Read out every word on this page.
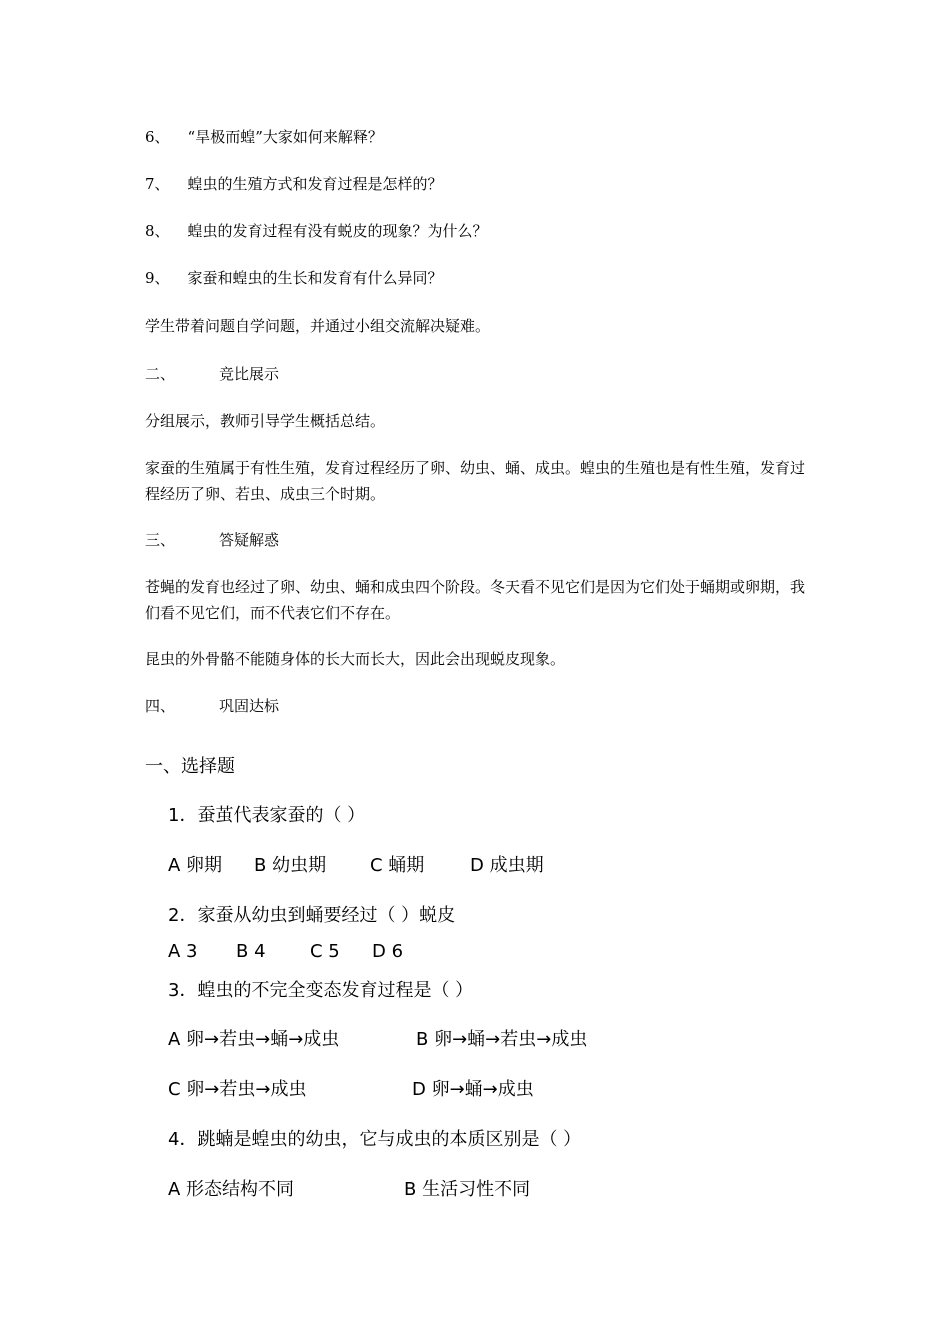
6、 “旱极而蝗”大家如何来解释？
7、 蝗虫的生殖方式和发育过程是怎样的？
8、 蝗虫的发育过程有没有蜕皮的现象？为什么？
9、 家蚕和蝗虫的生长和发育有什么异同？
学生带着问题自学问题，并通过小组交流解决疑难。
二、	竞比展示
分组展示，教师引导学生概括总结。
家蚕的生殖属于有性生殖，发育过程经历了卵、幼虫、蛹、成虫。蝗虫的生殖也是有性生殖，发育过程经历了卵、若虫、成虫三个时期。
三、	答疑解惑
苍蝇的发育也经过了卵、幼虫、蛹和成虫四个阶段。冬天看不见它们是因为它们处于蛹期或卵期，我们看不见它们，而不代表它们不存在。
昆虫的外骨骼不能随身体的长大而长大，因此会出现蜕皮现象。
四、	巩固达标
一、选择题
1．蚕茧代表家蚕的（ ）
A 卵期 B 幼虫期 C 蛹期	D 成虫期
2．家蚕从幼虫到蛹要经过（ ）蜕皮
A 3 B 4 C 5 D 6
3．蝗虫的不完全变态发育过程是（ ）
A 卵→若虫→蛹→成虫	B 卵→蛹→若虫→成虫
C 卵→若虫→成虫	D 卵→蛹→成虫
4．跳蝻是蝗虫的幼虫，它与成虫的本质区别是（ ）
A 形态结构不同	B 生活习性不同
